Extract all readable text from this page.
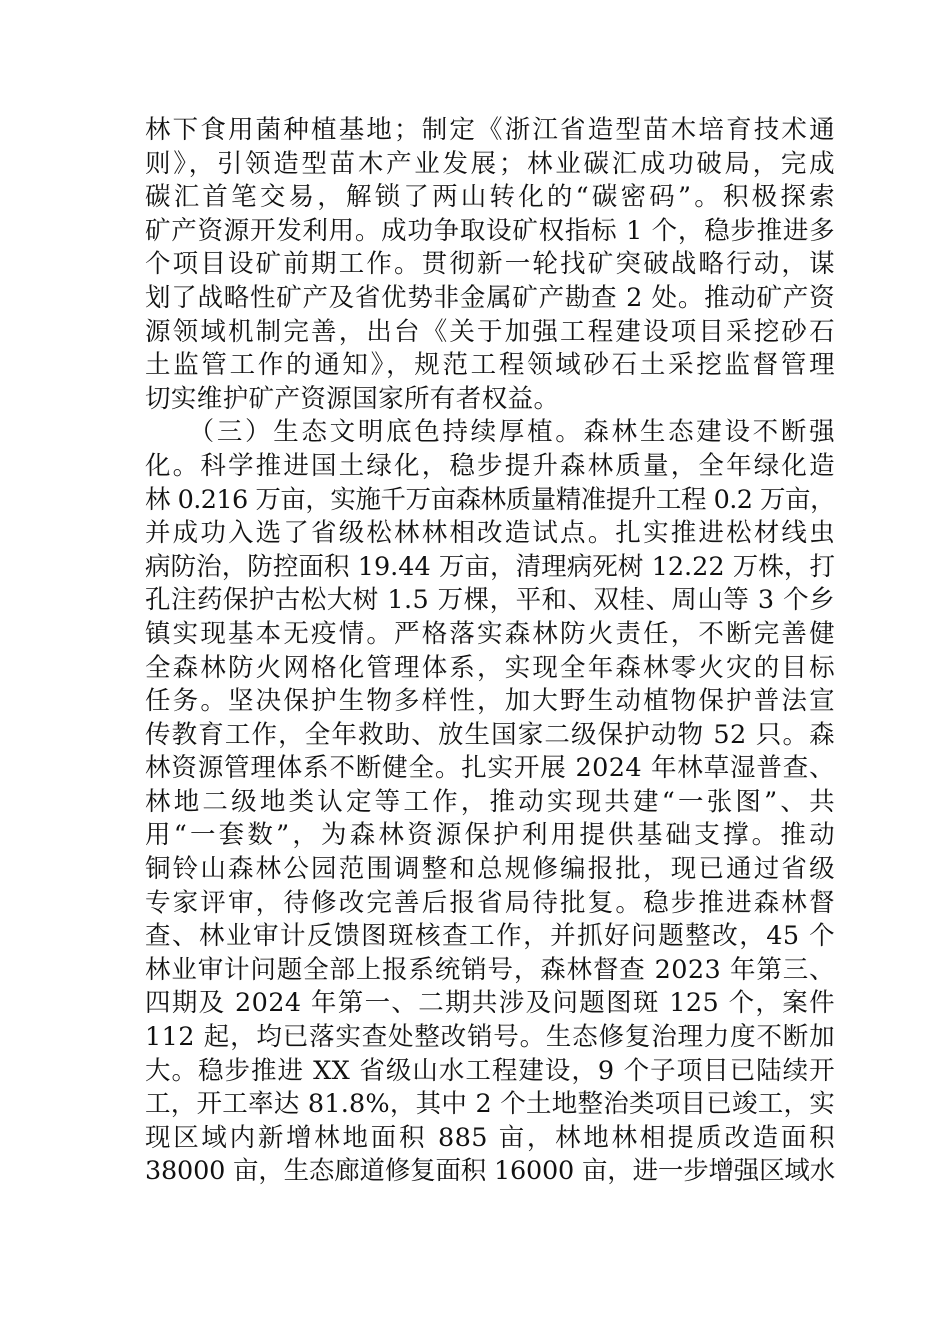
林下食用菌种植基地；制定《浙江省造型苗木培育技术通
则》，引领造型苗木产业发展；林业碳汇成功破局，完成
碳汇首笔交易，解锁了两山转化的“碳密码”。积极探索
矿产资源开发利用。成功争取设矿权指标 1 个，稳步推进多
个项目设矿前期工作。贯彻新一轮找矿突破战略行动，谋
划了战略性矿产及省优势非金属矿产勘查 2 处。推动矿产资
源领域机制完善，出台《关于加强工程建设项目采挖砂石
土监管工作的通知》，规范工程领域砂石土采挖监督管理
切实维护矿产资源国家所有者权益。
　　（三）生态文明底色持续厚植。森林生态建设不断强
化。科学推进国土绿化，稳步提升森林质量，全年绿化造
林 0.216 万亩，实施千万亩森林质量精准提升工程 0.2 万亩，
并成功入选了省级松林林相改造试点。扎实推进松材线虫
病防治，防控面积 19.44 万亩，清理病死树 12.22 万株，打
孔注药保护古松大树 1.5 万棵，平和、双桂、周山等 3 个乡
镇实现基本无疫情。严格落实森林防火责任，不断完善健
全森林防火网格化管理体系，实现全年森林零火灾的目标
任务。坚决保护生物多样性，加大野生动植物保护普法宣
传教育工作，全年救助、放生国家二级保护动物 52 只。森
林资源管理体系不断健全。扎实开展 2024 年林草湿普查、
林地二级地类认定等工作，推动实现共建“一张图”、共
用“一套数”，为森林资源保护利用提供基础支撑。推动
铜铃山森林公园范围调整和总规修编报批，现已通过省级
专家评审，待修改完善后报省局待批复。稳步推进森林督
查、林业审计反馈图斑核查工作，并抓好问题整改，45 个
林业审计问题全部上报系统销号，森林督查 2023 年第三、
四期及 2024 年第一、二期共涉及问题图斑 125 个，案件
112 起，均已落实查处整改销号。生态修复治理力度不断加
大。稳步推进 XX 省级山水工程建设，9 个子项目已陆续开
工，开工率达 81.8%，其中 2 个土地整治类项目已竣工，实
现区域内新增林地面积 885 亩，林地林相提质改造面积
38000 亩，生态廊道修复面积 16000 亩，进一步增强区域水
